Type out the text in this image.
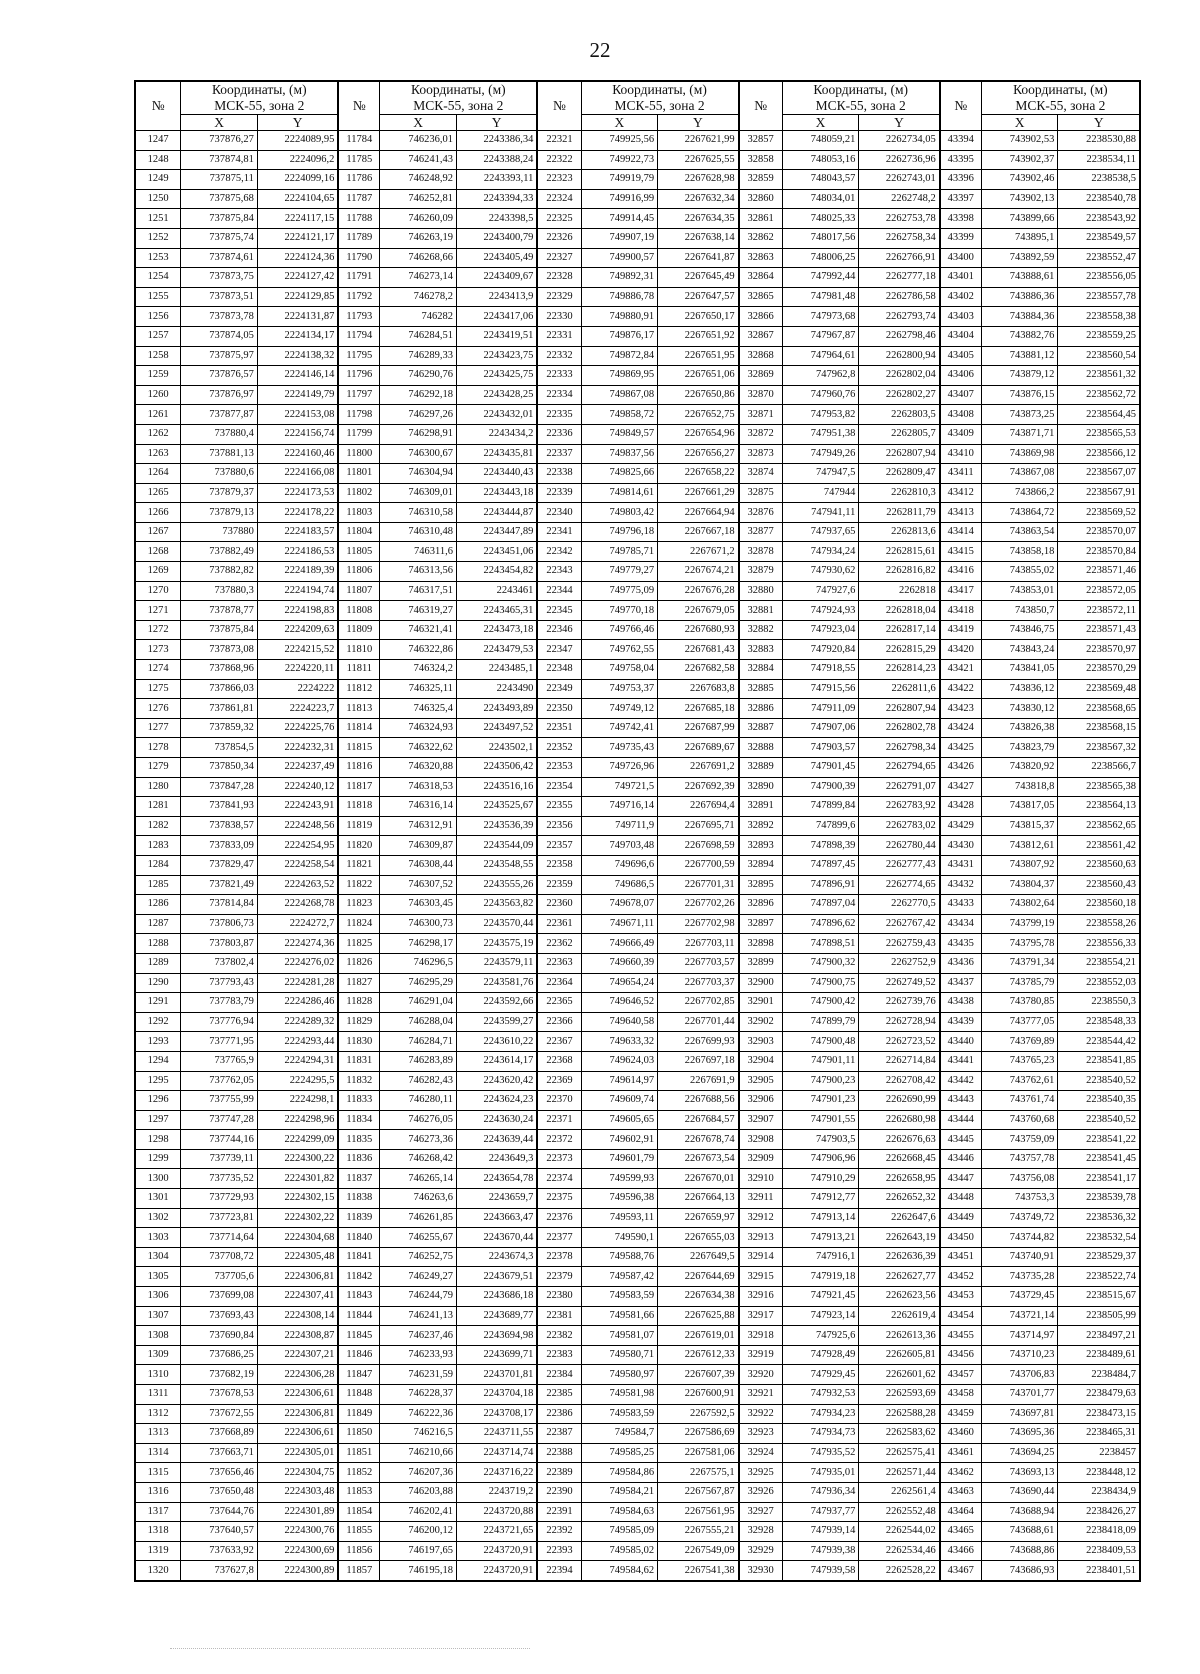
22
№	Координаты, (м)
МСК-55, зона 2		№	Координаты, (м)
МСК-55, зона 2		№	Координаты, (м)
МСК-55, зона 2		№	Координаты, (м)
МСК-55, зона 2		№	Координаты, (м)
МСК-55, зона 2	
	X	Y		X	Y		X	Y		X	Y		X	Y
1247	737876,27	2224089,95	11784	746236,01	2243386,34	22321	749925,56	2267621,99	32857	748059,21	2262734,05	43394	743902,53	2238530,88
1248	737874,81	2224096,2	11785	746241,43	2243388,24	22322	749922,73	2267625,55	32858	748053,16	2262736,96	43395	743902,37	2238534,11
1249	737875,11	2224099,16	11786	746248,92	2243393,11	22323	749919,79	2267628,98	32859	748043,57	2262743,01	43396	743902,46	2238538,5
1250	737875,68	2224104,65	11787	746252,81	2243394,33	22324	749916,99	2267632,34	32860	748034,01	2262748,2	43397	743902,13	2238540,78
1251	737875,84	2224117,15	11788	746260,09	2243398,5	22325	749914,45	2267634,35	32861	748025,33	2262753,78	43398	743899,66	2238543,92
1252	737875,74	2224121,17	11789	746263,19	2243400,79	22326	749907,19	2267638,14	32862	748017,56	2262758,34	43399	743895,1	2238549,57
1253	737874,61	2224124,36	11790	746268,66	2243405,49	22327	749900,57	2267641,87	32863	748006,25	2262766,91	43400	743892,59	2238552,47
1254	737873,75	2224127,42	11791	746273,14	2243409,67	22328	749892,31	2267645,49	32864	747992,44	2262777,18	43401	743888,61	2238556,05
1255	737873,51	2224129,85	11792	746278,2	2243413,9	22329	749886,78	2267647,57	32865	747981,48	2262786,58	43402	743886,36	2238557,78
1256	737873,78	2224131,87	11793	746282	2243417,06	22330	749880,91	2267650,17	32866	747973,68	2262793,74	43403	743884,36	2238558,38
1257	737874,05	2224134,17	11794	746284,51	2243419,51	22331	749876,17	2267651,92	32867	747967,87	2262798,46	43404	743882,76	2238559,25
1258	737875,97	2224138,32	11795	746289,33	2243423,75	22332	749872,84	2267651,95	32868	747964,61	2262800,94	43405	743881,12	2238560,54
1259	737876,57	2224146,14	11796	746290,76	2243425,75	22333	749869,95	2267651,06	32869	747962,8	2262802,04	43406	743879,12	2238561,32
1260	737876,97	2224149,79	11797	746292,18	2243428,25	22334	749867,08	2267650,86	32870	747960,76	2262802,27	43407	743876,15	2238562,72
1261	737877,87	2224153,08	11798	746297,26	2243432,01	22335	749858,72	2267652,75	32871	747953,82	2262803,5	43408	743873,25	2238564,45
1262	737880,4	2224156,74	11799	746298,91	2243434,2	22336	749849,57	2267654,96	32872	747951,38	2262805,7	43409	743871,71	2238565,53
1263	737881,13	2224160,46	11800	746300,67	2243435,81	22337	749837,56	2267656,27	32873	747949,26	2262807,94	43410	743869,98	2238566,12
1264	737880,6	2224166,08	11801	746304,94	2243440,43	22338	749825,66	2267658,22	32874	747947,5	2262809,47	43411	743867,08	2238567,07
1265	737879,37	2224173,53	11802	746309,01	2243443,18	22339	749814,61	2267661,29	32875	747944	2262810,3	43412	743866,2	2238567,91
1266	737879,13	2224178,22	11803	746310,58	2243444,87	22340	749803,42	2267664,94	32876	747941,11	2262811,79	43413	743864,72	2238569,52
1267	737880	2224183,57	11804	746310,48	2243447,89	22341	749796,18	2267667,18	32877	747937,65	2262813,6	43414	743863,54	2238570,07
1268	737882,49	2224186,53	11805	746311,6	2243451,06	22342	749785,71	2267671,2	32878	747934,24	2262815,61	43415	743858,18	2238570,84
1269	737882,82	2224189,39	11806	746313,56	2243454,82	22343	749779,27	2267674,21	32879	747930,62	2262816,82	43416	743855,02	2238571,46
1270	737880,3	2224194,74	11807	746317,51	2243461	22344	749775,09	2267676,28	32880	747927,6	2262818	43417	743853,01	2238572,05
1271	737878,77	2224198,83	11808	746319,27	2243465,31	22345	749770,18	2267679,05	32881	747924,93	2262818,04	43418	743850,7	2238572,11
1272	737875,84	2224209,63	11809	746321,41	2243473,18	22346	749766,46	2267680,93	32882	747923,04	2262817,14	43419	743846,75	2238571,43
1273	737873,08	2224215,52	11810	746322,86	2243479,53	22347	749762,55	2267681,43	32883	747920,84	2262815,29	43420	743843,24	2238570,97
1274	737868,96	2224220,11	11811	746324,2	2243485,1	22348	749758,04	2267682,58	32884	747918,55	2262814,23	43421	743841,05	2238570,29
1275	737866,03	2224222	11812	746325,11	2243490	22349	749753,37	2267683,8	32885	747915,56	2262811,6	43422	743836,12	2238569,48
1276	737861,81	2224223,7	11813	746325,4	2243493,89	22350	749749,12	2267685,18	32886	747911,09	2262807,94	43423	743830,12	2238568,65
1277	737859,32	2224225,76	11814	746324,93	2243497,52	22351	749742,41	2267687,99	32887	747907,06	2262802,78	43424	743826,38	2238568,15
1278	737854,5	2224232,31	11815	746322,62	2243502,1	22352	749735,43	2267689,67	32888	747903,57	2262798,34	43425	743823,79	2238567,32
1279	737850,34	2224237,49	11816	746320,88	2243506,42	22353	749726,96	2267691,2	32889	747901,45	2262794,65	43426	743820,92	2238566,7
1280	737847,28	2224240,12	11817	746318,53	2243516,16	22354	749721,5	2267692,39	32890	747900,39	2262791,07	43427	743818,8	2238565,38
1281	737841,93	2224243,91	11818	746316,14	2243525,67	22355	749716,14	2267694,4	32891	747899,84	2262783,92	43428	743817,05	2238564,13
1282	737838,57	2224248,56	11819	746312,91	2243536,39	22356	749711,9	2267695,71	32892	747899,6	2262783,02	43429	743815,37	2238562,65
1283	737833,09	2224254,95	11820	746309,87	2243544,09	22357	749703,48	2267698,59	32893	747898,39	2262780,44	43430	743812,61	2238561,42
1284	737829,47	2224258,54	11821	746308,44	2243548,55	22358	749696,6	2267700,59	32894	747897,45	2262777,43	43431	743807,92	2238560,63
1285	737821,49	2224263,52	11822	746307,52	2243555,26	22359	749686,5	2267701,31	32895	747896,91	2262774,65	43432	743804,37	2238560,43
1286	737814,84	2224268,78	11823	746303,45	2243563,82	22360	749678,07	2267702,26	32896	747897,04	2262770,5	43433	743802,64	2238560,18
1287	737806,73	2224272,7	11824	746300,73	2243570,44	22361	749671,11	2267702,98	32897	747896,62	2262767,42	43434	743799,19	2238558,26
1288	737803,87	2224274,36	11825	746298,17	2243575,19	22362	749666,49	2267703,11	32898	747898,51	2262759,43	43435	743795,78	2238556,33
1289	737802,4	2224276,02	11826	746296,5	2243579,11	22363	749660,39	2267703,57	32899	747900,32	2262752,9	43436	743791,34	2238554,21
1290	737793,43	2224281,28	11827	746295,29	2243581,76	22364	749654,24	2267703,37	32900	747900,75	2262749,52	43437	743785,79	2238552,03
1291	737783,79	2224286,46	11828	746291,04	2243592,66	22365	749646,52	2267702,85	32901	747900,42	2262739,76	43438	743780,85	2238550,3
1292	737776,94	2224289,32	11829	746288,04	2243599,27	22366	749640,58	2267701,44	32902	747899,79	2262728,94	43439	743777,05	2238548,33
1293	737771,95	2224293,44	11830	746284,71	2243610,22	22367	749633,32	2267699,93	32903	747900,48	2262723,52	43440	743769,89	2238544,42
1294	737765,9	2224294,31	11831	746283,89	2243614,17	22368	749624,03	2267697,18	32904	747901,11	2262714,84	43441	743765,23	2238541,85
1295	737762,05	2224295,5	11832	746282,43	2243620,42	22369	749614,97	2267691,9	32905	747900,23	2262708,42	43442	743762,61	2238540,52
1296	737755,99	2224298,1	11833	746280,11	2243624,23	22370	749609,74	2267688,56	32906	747901,23	2262690,99	43443	743761,74	2238540,35
1297	737747,28	2224298,96	11834	746276,05	2243630,24	22371	749605,65	2267684,57	32907	747901,55	2262680,98	43444	743760,68	2238540,52
1298	737744,16	2224299,09	11835	746273,36	2243639,44	22372	749602,91	2267678,74	32908	747903,5	2262676,63	43445	743759,09	2238541,22
1299	737739,11	2224300,22	11836	746268,42	2243649,3	22373	749601,79	2267673,54	32909	747906,96	2262668,45	43446	743757,78	2238541,45
1300	737735,52	2224301,82	11837	746265,14	2243654,78	22374	749599,93	2267670,01	32910	747910,29	2262658,95	43447	743756,08	2238541,17
1301	737729,93	2224302,15	11838	746263,6	2243659,7	22375	749596,38	2267664,13	32911	747912,77	2262652,32	43448	743753,3	2238539,78
1302	737723,81	2224302,22	11839	746261,85	2243663,47	22376	749593,11	2267659,97	32912	747913,14	2262647,6	43449	743749,72	2238536,32
1303	737714,64	2224304,68	11840	746255,67	2243670,44	22377	749590,1	2267655,03	32913	747913,21	2262643,19	43450	743744,82	2238532,54
1304	737708,72	2224305,48	11841	746252,75	2243674,3	22378	749588,76	2267649,5	32914	747916,1	2262636,39	43451	743740,91	2238529,37
1305	737705,6	2224306,81	11842	746249,27	2243679,51	22379	749587,42	2267644,69	32915	747919,18	2262627,77	43452	743735,28	2238522,74
1306	737699,08	2224307,41	11843	746244,79	2243686,18	22380	749583,59	2267634,38	32916	747921,45	2262623,56	43453	743729,45	2238515,67
1307	737693,43	2224308,14	11844	746241,13	2243689,77	22381	749581,66	2267625,88	32917	747923,14	2262619,4	43454	743721,14	2238505,99
1308	737690,84	2224308,87	11845	746237,46	2243694,98	22382	749581,07	2267619,01	32918	747925,6	2262613,36	43455	743714,97	2238497,21
1309	737686,25	2224307,21	11846	746233,93	2243699,71	22383	749580,71	2267612,33	32919	747928,49	2262605,81	43456	743710,23	2238489,61
1310	737682,19	2224306,28	11847	746231,59	2243701,81	22384	749580,97	2267607,39	32920	747929,45	2262601,62	43457	743706,83	2238484,7
1311	737678,53	2224306,61	11848	746228,37	2243704,18	22385	749581,98	2267600,91	32921	747932,53	2262593,69	43458	743701,77	2238479,63
1312	737672,55	2224306,81	11849	746222,36	2243708,17	22386	749583,59	2267592,5	32922	747934,23	2262588,28	43459	743697,81	2238473,15
1313	737668,89	2224306,61	11850	746216,5	2243711,55	22387	749584,7	2267586,69	32923	747934,73	2262583,62	43460	743695,36	2238465,31
1314	737663,71	2224305,01	11851	746210,66	2243714,74	22388	749585,25	2267581,06	32924	747935,52	2262575,41	43461	743694,25	2238457
1315	737656,46	2224304,75	11852	746207,36	2243716,22	22389	749584,86	2267575,1	32925	747935,01	2262571,44	43462	743693,13	2238448,12
1316	737650,48	2224303,48	11853	746203,88	2243719,2	22390	749584,21	2267567,87	32926	747936,34	2262561,4	43463	743690,44	2238434,9
1317	737644,76	2224301,89	11854	746202,41	2243720,88	22391	749584,63	2267561,95	32927	747937,77	2262552,48	43464	743688,94	2238426,27
1318	737640,57	2224300,76	11855	746200,12	2243721,65	22392	749585,09	2267555,21	32928	747939,14	2262544,02	43465	743688,61	2238418,09
1319	737633,92	2224300,69	11856	746197,65	2243720,91	22393	749585,02	2267549,09	32929	747939,38	2262534,46	43466	743688,86	2238409,53
1320	737627,8	2224300,89	11857	746195,18	2243720,91	22394	749584,62	2267541,38	32930	747939,58	2262528,22	43467	743686,93	2238401,51
